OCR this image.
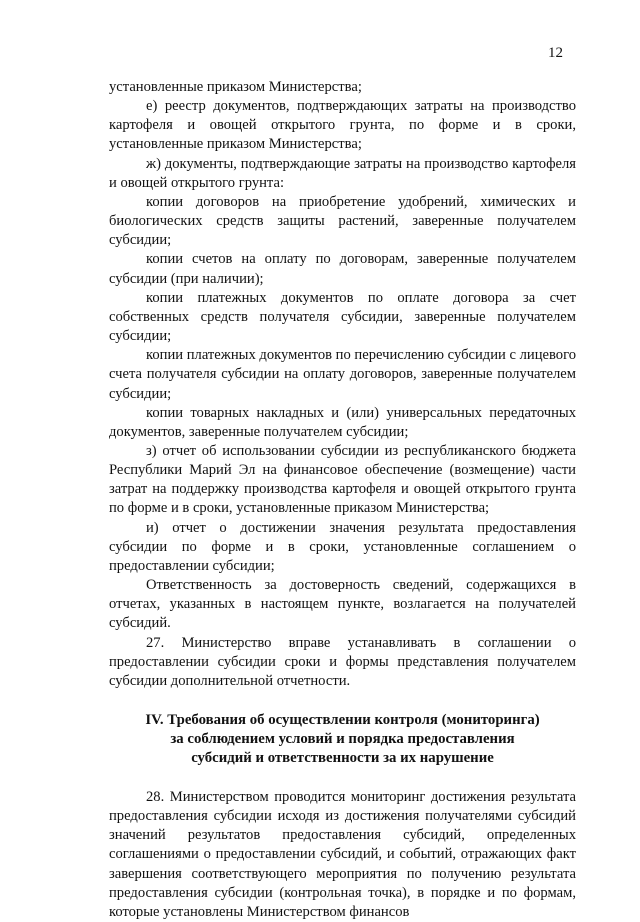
12

установленные приказом Министерства;

е) реестр документов, подтверждающих затраты на производство картофеля и овощей открытого грунта, по форме и в сроки, установленные приказом Министерства;

ж) документы, подтверждающие затраты на производство картофеля и овощей открытого грунта:

копии договоров на приобретение удобрений, химических и биологических средств защиты растений, заверенные получателем субсидии;

копии счетов на оплату по договорам, заверенные получателем субсидии (при наличии);

копии платежных документов по оплате договора за счет собственных средств получателя субсидии, заверенные получателем субсидии;

копии платежных документов по перечислению субсидии с лицевого счета получателя субсидии на оплату договоров, заверенные получателем субсидии;

копии товарных накладных и (или) универсальных передаточных документов, заверенные получателем субсидии;

з) отчет об использовании субсидии из республиканского бюджета Республики Марий Эл на финансовое обеспечение (возмещение) части затрат на поддержку производства картофеля и овощей открытого грунта по форме и в сроки, установленные приказом Министерства;

и) отчет о достижении значения результата предоставления субсидии по форме и в сроки, установленные соглашением о предоставлении субсидии;

Ответственность за достоверность сведений, содержащихся в отчетах, указанных в настоящем пункте, возлагается на получателей субсидий.

27. Министерство вправе устанавливать в соглашении о предоставлении субсидии сроки и формы представления получателем субсидии дополнительной отчетности.

IV. Требования об осуществлении контроля (мониторинга)
за соблюдением условий и порядка предоставления
субсидий и ответственности за их нарушение

28. Министерством проводится мониторинг достижения результата предоставления субсидии исходя из достижения получателями субсидий значений результатов предоставления субсидий, определенных соглашениями о предоставлении субсидий, и событий, отражающих факт завершения соответствующего мероприятия по получению результата предоставления субсидии (контрольная точка), в порядке и по формам, которые установлены Министерством финансов
